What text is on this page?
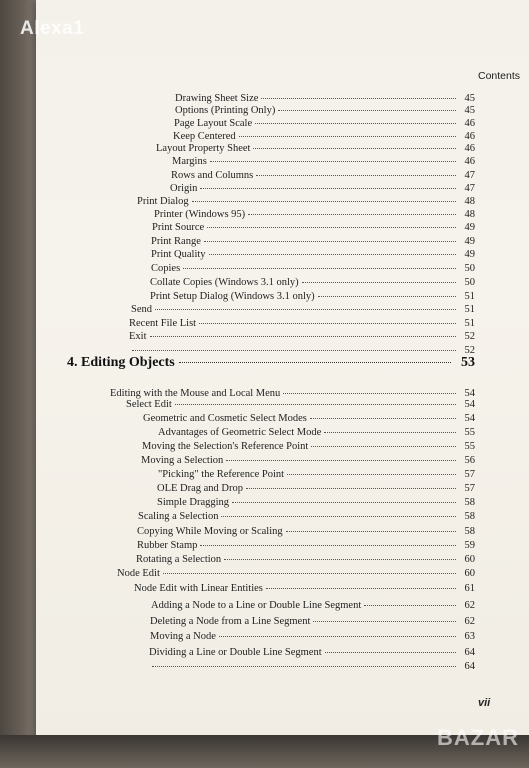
Alexa1
Contents
Drawing Sheet Size	45
Options (Printing Only)	45
Page Layout Scale	46
Keep Centered	46
Layout Property Sheet	46
Margins	46
Rows and Columns	47
Origin	47
Print Dialog	48
Printer (Windows 95)	48
Print Source	49
Print Range	49
Print Quality	49
Copies	50
Collate Copies (Windows 3.1 only)	50
Print Setup Dialog (Windows 3.1 only)	51
Send	51
Recent File List	51
Exit	52
52
4. Editing Objects	53
Editing with the Mouse and Local Menu	54
Select Edit	54
Geometric and Cosmetic Select Modes	54
Advantages of Geometric Select Mode	55
Moving the Selection's Reference Point	55
Moving a Selection	56
"Picking" the Reference Point	57
OLE Drag and Drop	57
Simple Dragging	58
Scaling a Selection	58
Copying While Moving or Scaling	58
Rubber Stamp	59
Rotating a Selection	60
Node Edit	60
Node Edit with Linear Entities	61
Adding a Node to a Line or Double Line Segment	62
Deleting a Node from a Line Segment	62
Moving a Node	63
Dividing a Line or Double Line Segment	64
64
vii
BAZAR
